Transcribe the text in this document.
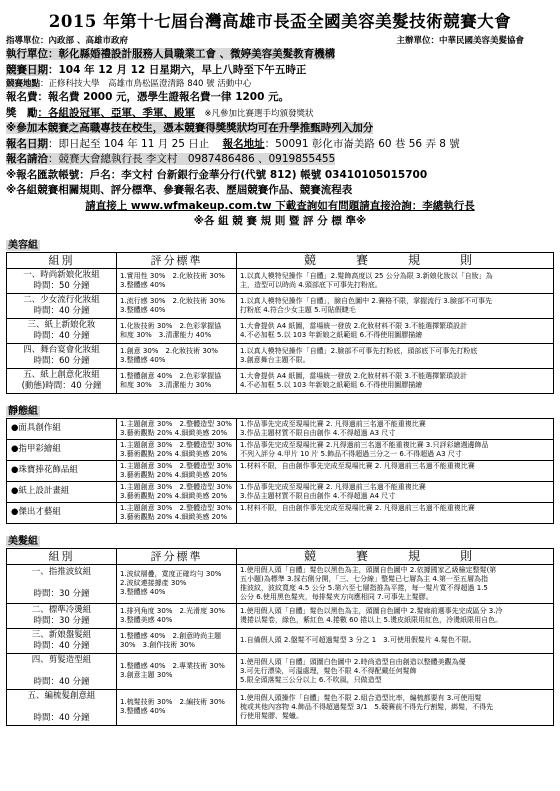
2015 年第十七屆台灣高雄市長盃全國美容美髮技術競賽大會
指導單位：內政部 、高雄市政府	主辦單位：中華民國美容美髮協會
執行單位：彰化縣婚禮設計服務人員職業工會 、微婷美容美髮教育機構
競賽日期：104 年 12 月 12 日星期六，早上八時至下午五時正
競賽地點：正修科技大學　高雄市鳥松區澄清路 840 號 活動中心
報名費：報名費 2000 元，憑學生證報名費一律 1200 元。
獎　勵：各組設冠軍、亞軍、季軍、殿軍 ※凡參加比賽選手均頒發獎狀
※參加本競賽之高職專技在校生，憑本競賽得獎獎狀均可在升學推甄時列入加分
報名日期：即日起至 104 年 11 月 25 日止 報名地址：50091 彰化市崙美路 60 巷 56 弄 8 號
報名請洽：競賽大會總執行長 李文村　0987486486 、0919855455
※報名匯款帳號：戶名：李文村 台新銀行金華分行(代號 812) 帳號 03410105015700
※各組競賽相關規則、評分標準、參賽報名表、歷屆競賽作品、競賽流程表
請直接上 www.wfmakeup.com.tw 下載查詢如有問題請直接洽詢：李總執行長
※各 組 競 賽 規 則 暨 評 分 標 準※
美容組
組別	評分標準	競　賽　規　則

一、時尚新娘化妝組
時間：50 分鐘	1.實用性 30%　2.化妝技術 30%
3.整體感 40%	1.以真人模特兒操作「自體」2.髮飾高度以 25 公分為限 3.新娘化妝以「自妝」為
主，造型可以時尚 4.頭部底下可事先打粉底。

二、少女流行化妝組
時間：40 分鐘	1.流行感 30%　2.化妝技術 30%
3.整體感 40%	1.以真人模特兒操作「自體」，臉自色圖中 2.賽格不限，掌握流行 3.臉部不可事先
打粉底 4.符合少女主題 5.可貼假睫毛

三、紙上新娘化妝
時間：40 分鐘	1.化妝技術 30%　2.色彩掌握協
和度 30%　3.清潔能力 40%	1.大會提供 A4 紙圖，當場統一發放 2.化妝材料不限 3.不能選擇繁瑣設計
4.不必加框 5.以 103 年新娘之紙範組 6.不得使用圖膠描繪

四、舞台宴會化妝組
時間：60 分鐘	1.創意 30%　2.化妝技術 30%
3.整體感 40%	1.以真人模特兒操作「自體」2.臉部不可事先打粉底，頭部底下可事先打粉底
3.創意舞台主題不限。

五、紙上創意化妝組
(動態)時間：40 分鐘	1.整體創意 40%　2.色彩掌握協
和度 30%　3.清潔能力 30%	1.大會提供 A4 紙圖，當場統一發放 2.化妝材料不限 3.不能選擇繁瑣設計
4.不必加框 5.以 103 年新娘之紙範組 6.不得使用圖膠描繪
靜態組
●面具創作組	1.主題創意 30%　2.整體造型 30%
3.藝術觀點 20% 4.細緻美感 20%	1.作品事先完成至現場比賽 2. 凡得過前三名過不能重複比賽
3.作品主題材質不限自由創作 4.不得超過 A3 尺寸

●指甲彩繪組	1.主題創意 30%　2.整體造型 30%
3.藝術觀點 20% 4.細緻美感 20%	1.作品事先完成至現場比賽 2.凡得過前三名過不能重複比賽 3.只評彩繪週邊飾品
不列入評分 4.甲片 10 片 5.飾品不得超過三分之一 6.不得超過 A3 尺寸

●珠寶捧花飾品組	1.主題創意 30%　2.整體造型 30%
3.藝術觀點 20% 4.細緻美感 20%	1.材料不限，自由創作事先完成至現場比賽 2. 凡得過前三名過不能重複比賽

●紙上設計畫組	1.主題創意 30%　2.整體造型 30%
3.藝術觀點 20% 4.細緻美感 20%	1.作品事先完成至現場比賽 2. 凡得過前三名過不能重複比賽
3.作品主題材質不限自由創作 4.不得超過 A4 尺寸

●傑出才藝組	1.主題創意 30%　2.整體造型 30%
3.藝術觀點 20% 4.細緻美感 20%	1.材料不限，自由創作事先完成至現場比賽 2. 凡得過前三名過不能重複比賽

美髮組
組別	評分標準	競　賽　規　則

一、指推波紋組

時間：30 分鐘	1.波紋層疊，寬度正確均勻 30%
2.波紋連接據產 30%
3.整體感 40%	1.使用假人頭「自體」髮色以黑色為主，頭圍自色圖中 2.依據國家乙級檢定整髮(第
五小題)為標準 3.採右側分開，「三、七分線」整髮已七層為主 4.第一至五層為指
推波紋，波紋寬度 4.5 公分 5.第六至七層指推為平捲，每一髮片寬不得超過 1.5
公分 6.使用黑色髮夾，每排髮夾方向應相同 7.可事先上髮膠。

二、標準冷燙組
時間：30 分鐘	1.排列角度 30%　2.光滑度 30%
3.整體美感 40%	1.使用假人頭「自體」髮色以黑色為主，頭圍自色圖中 2.髮廊前選事先完成區分 3.冷
燙捲以髮卷，綠色，紫紅色 4.捲數 60 捲以上 5.燙皮紙限用紅色，冷燙紙限用自色。

三、新娘盤髮組
時間：40 分鐘	1.整體感 40%　2.創意時尚主題
30%　3.創作技術 30%	1.自備假人頭 2.盤髮不可超過髮型 3 分之 1　3.可使用假髮片 4.髮色不限。

四、剪髮造型組

時間：40 分鐘	1.整體感 40%　2.專業技術 30%
3.創意主題 30%	1.使用假人頭「自體」頭圍白色圖中 2.時尚造型自由創造以整體美觀為優
3.可先行漂染，可溫處理，髮色不限 4.不得配戴任何髮飾
5.限全頭落髮三公分以上 6.不吹風，只做造型

五、編梳髮創意組

時間：40 分鐘	1.梳髮技術 30%　2.編技術 30%
3.整體感 40%	1.使用假人頭操作「自體」髮色不限 2.組合造型比率，編梳都要有 3.可使用髮
梳或其他內容物 4.飾品不得超過髮型 3/1　5.競賽前不得先行割髮，綁髮，不得先
行使用髮膠、髮蠟。
